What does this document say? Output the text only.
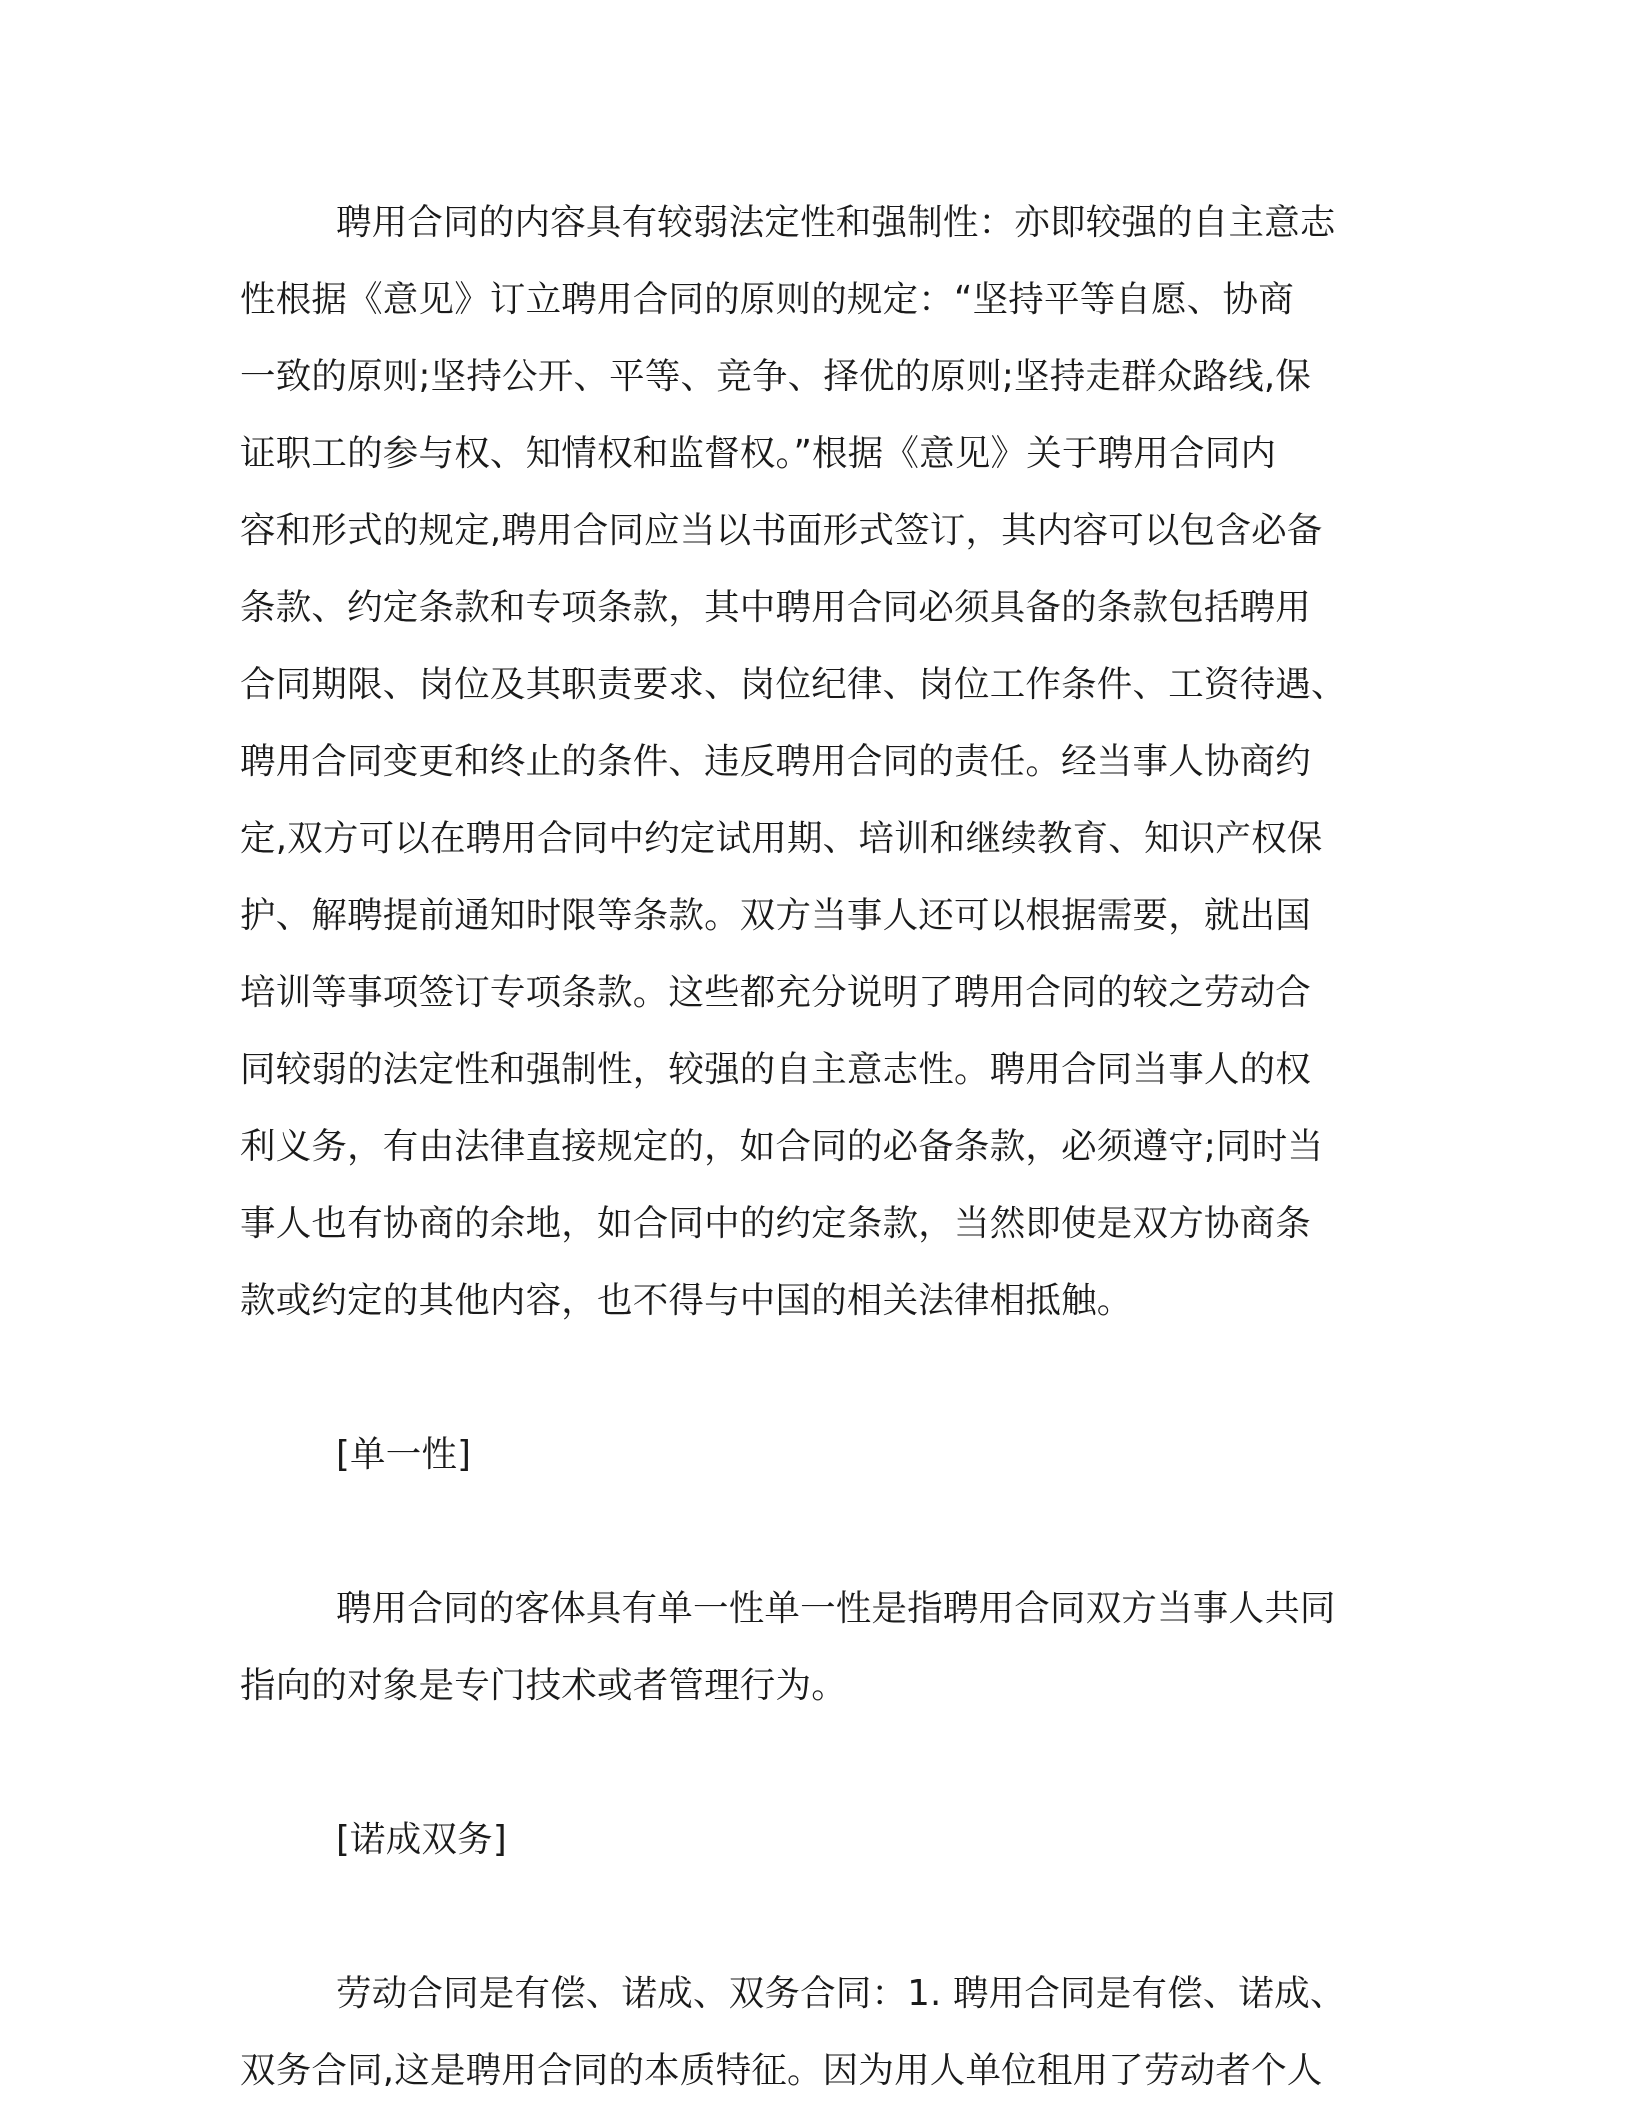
聘用合同的内容具有较弱法定性和强制性：亦即较强的自主意志
性根据《意见》订立聘用合同的原则的规定：“坚持平等自愿、协商
一致的原则;坚持公开、平等、竞争、择优的原则;坚持走群众路线,保
证职工的参与权、知情权和监督权。”根据《意见》关于聘用合同内
容和形式的规定,聘用合同应当以书面形式签订，其内容可以包含必备
条款、约定条款和专项条款，其中聘用合同必须具备的条款包括聘用
合同期限、岗位及其职责要求、岗位纪律、岗位工作条件、工资待遇、
聘用合同变更和终止的条件、违反聘用合同的责任。经当事人协商约
定,双方可以在聘用合同中约定试用期、培训和继续教育、知识产权保
护、解聘提前通知时限等条款。双方当事人还可以根据需要，就出国
培训等事项签订专项条款。这些都充分说明了聘用合同的较之劳动合
同较弱的法定性和强制性，较强的自主意志性。聘用合同当事人的权
利义务，有由法律直接规定的，如合同的必备条款，必须遵守;同时当
事人也有协商的余地，如合同中的约定条款，当然即使是双方协商条
款或约定的其他内容，也不得与中国的相关法律相抵触。
[单一性]
聘用合同的客体具有单一性单一性是指聘用合同双方当事人共同
指向的对象是专门技术或者管理行为。
[诺成双务]
劳动合同是有偿、诺成、双务合同：1. 聘用合同是有偿、诺成、
双务合同,这是聘用合同的本质特征。因为用人单位租用了劳动者个人
